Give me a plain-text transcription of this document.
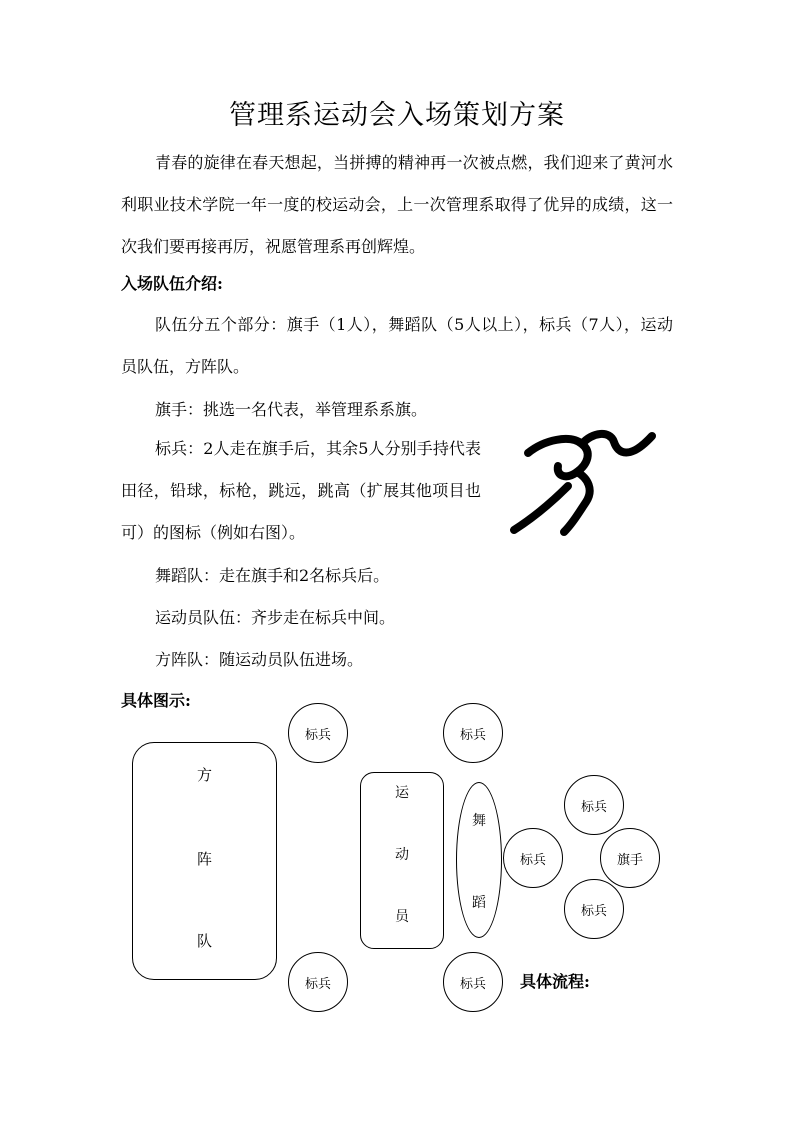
管理系运动会入场策划方案

青春的旋律在春天想起，当拼搏的精神再一次被点燃，我们迎来了黄河水利职业技术学院一年一度的校运动会，上一次管理系取得了优异的成绩，这一次我们要再接再厉，祝愿管理系再创辉煌。

入场队伍介绍:

队伍分五个部分：旗手（1人），舞蹈队（5人以上），标兵（7人），运动员队伍，方阵队。

旗手：挑选一名代表，举管理系系旗。

标兵：2人走在旗手后，其余5人分别手持代表田径，铅球，标枪，跳远，跳高（扩展其他项目也可）的图标（例如右图）。

舞蹈队：走在旗手和2名标兵后。

运动员队伍：齐步走在标兵中间。

方阵队：随运动员队伍进场。

具体图示:

方
阵
队
运
动
员
舞
蹈
标兵	标兵
标兵	标兵
标兵
标兵
标兵
旗手

具体流程:
